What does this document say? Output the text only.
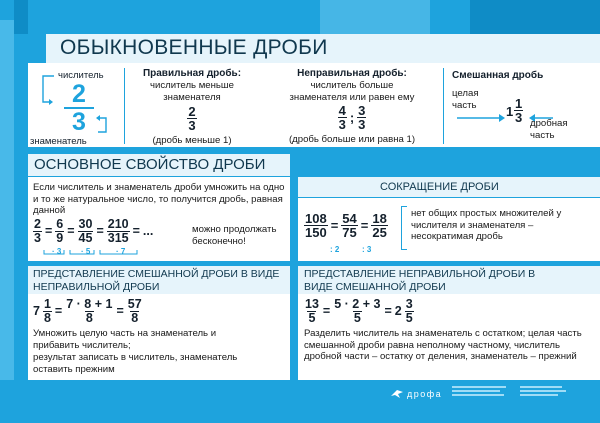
ОБЫКНОВЕННЫЕ ДРОБИ
числитель
2
3
знаменатель
Правильная дробь:
числитель меньше знаменателя
$\frac{2}{3}$
(дробь меньше 1)
Неправильная дробь:
числитель больше знаменателя или равен ему
$\frac{4}{3}$ ; $\frac{3}{3}$
(дробь больше или равна 1)
Смешанная дробь
целая часть	$1 \frac{1}{3}$ дробная часть
ОСНОВНОЕ СВОЙСТВО ДРОБИ
Если числитель и знаменатель дроби умножить на одно и то же натуральное число, то получится дробь, равная данной
$\frac{2}{3} = \frac{6}{9} = \frac{30}{45} = \frac{210}{315}$ = ...
· 3 · 5	· 7
можно продолжать бесконечно!
СОКРАЩЕНИЕ ДРОБИ
$\frac{108}{150} = \frac{54}{75} = \frac{18}{25}$
: 2	: 3
нет общих простых множителей у числителя и знаменателя – несократимая дробь
ПРЕДСТАВЛЕНИЕ СМЕШАННОЙ ДРОБИ В ВИДЕ НЕПРАВИЛЬНОЙ ДРОБИ
$7 \frac{1}{8} = \frac{7 \cdot 8 + 1}{8} = \frac{57}{8}$
Умножить целую часть на знаменатель и прибавить числитель;
результат записать в числитель, знаменатель оставить прежним
ПРЕДСТАВЛЕНИЕ НЕПРАВИЛЬНОЙ ДРОБИ В ВИДЕ СМЕШАННОЙ ДРОБИ
$\frac{13}{5} = \frac{5 \cdot 2 + 3}{5} = 2 \frac{3}{5}$
Разделить числитель на знаменатель с остатком; целая часть смешанной дроби равна неполному частному, числитель дробной части – остатку от деления, знаменатель – прежний
дрофа
